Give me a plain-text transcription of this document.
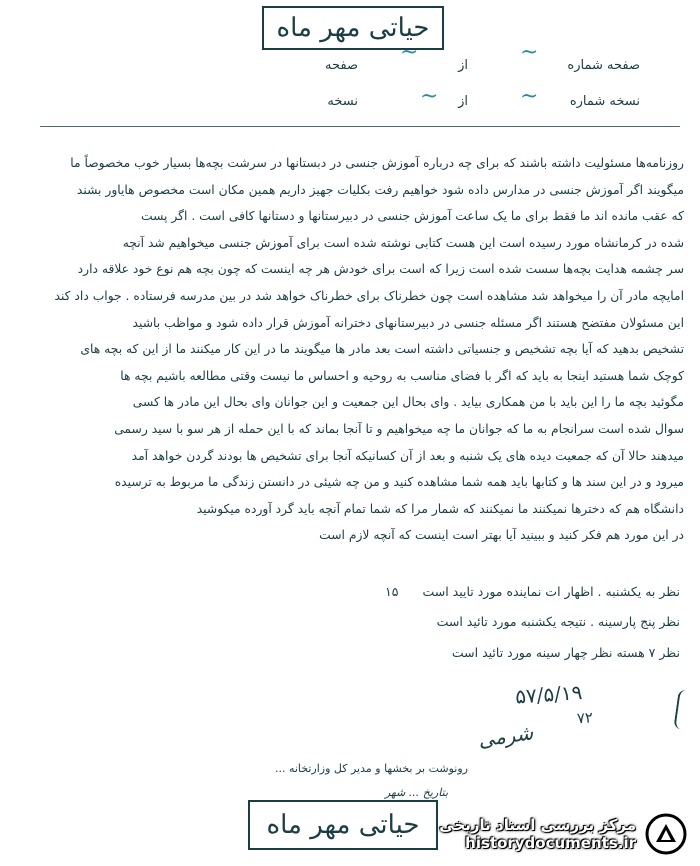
حیاتی مهر ماه
صفحه شماره
از
صفحه
نسخه شماره
از
نسخه
~
~
~
~
روزنامه‌ها مسئولیت داشته باشند که برای چه درباره آموزش جنسی در دبستانها در سرشت بچه‌ها بسیار خوب مخصوصاً ما
میگویند اگر آموزش جنسی در مدارس داده شود خواهیم رفت بکلیات جهیز داریم همین مکان است مخصوص هایاور بشند
که عقب مانده اند ما فقط برای ما یک ساعت آموزش جنسی در دبیرستانها و دستانها کافی است . اگر پست
شده در کرمانشاه مورد رسیده است این هست کتابی نوشته شده است برای آموزش جنسی میخواهیم شد آنچه
سر چشمه هدایت بچه‌ها سست شده است زیرا که است برای خودش هر چه اینست که چون بچه هم نوع خود علاقه دارد
امایچه مادر آن را میخواهد شد مشاهده است چون خطرناک برای خطرناک خواهد شد در بین مدرسه فرستاده . جواب داد کند
این مسئولان مفتضح هستند اگر مسئله جنسی در دبیرستانهای دخترانه آموزش قرار داده شود و مواظب باشید
تشخیص بدهید که آیا بچه تشخیص و جنسیاتی داشته است بعد مادر ها میگویند ما در این کار میکنند ما از این که بچه های
کوچک شما هستید اینجا به باید که اگر با فضای مناسب به روحیه و احساس ما نیست وقتی مطالعه باشیم بچه ها
مگوئید بچه ما را این باید با من همکاری بیاید . وای بحال این جمعیت و این جوانان وای بحال این مادر ها کسی
سوال شده است سرانجام به ما که جوانان ما چه میخواهیم و تا آنجا بماند که با این حمله از هر سو با سید رسمی
میدهند حالا آن که جمعیت دیده های یک شنبه و بعد از آن کسانیکه آنجا برای تشخیص ها بودند گردن خواهد آمد
میرود و در این سند ها و کتابها باید همه شما مشاهده کنید و من چه شیئی در دانستن زندگی ما مربوط به ترسیده
دانشگاه هم که دخترها نمیکنند ما نمیکنند که شمار مرا که شما تمام آنچه باید گرد آورده میکوشید
در این مورد هم فکر کنید و ببینید آیا بهتر است اینست که آنچه لازم است
نظر به یکشنبه . اظهار ات نماینده مورد تایید است ۱۵
نظر پنج پارسینه . نتیجه یکشنبه مورد تائید است
نظر ۷ هسته نظر چهار سینه مورد تائید است
۵۷/۵/۱۹
۷۲
شرمی
رونوشت بر بخشها و مدیر کل وزارتخانه ...
بتاریخ ... شهر
حیاتی مهر ماه مرکز بررسی اسناد تاریخی
historydocuments.ir
